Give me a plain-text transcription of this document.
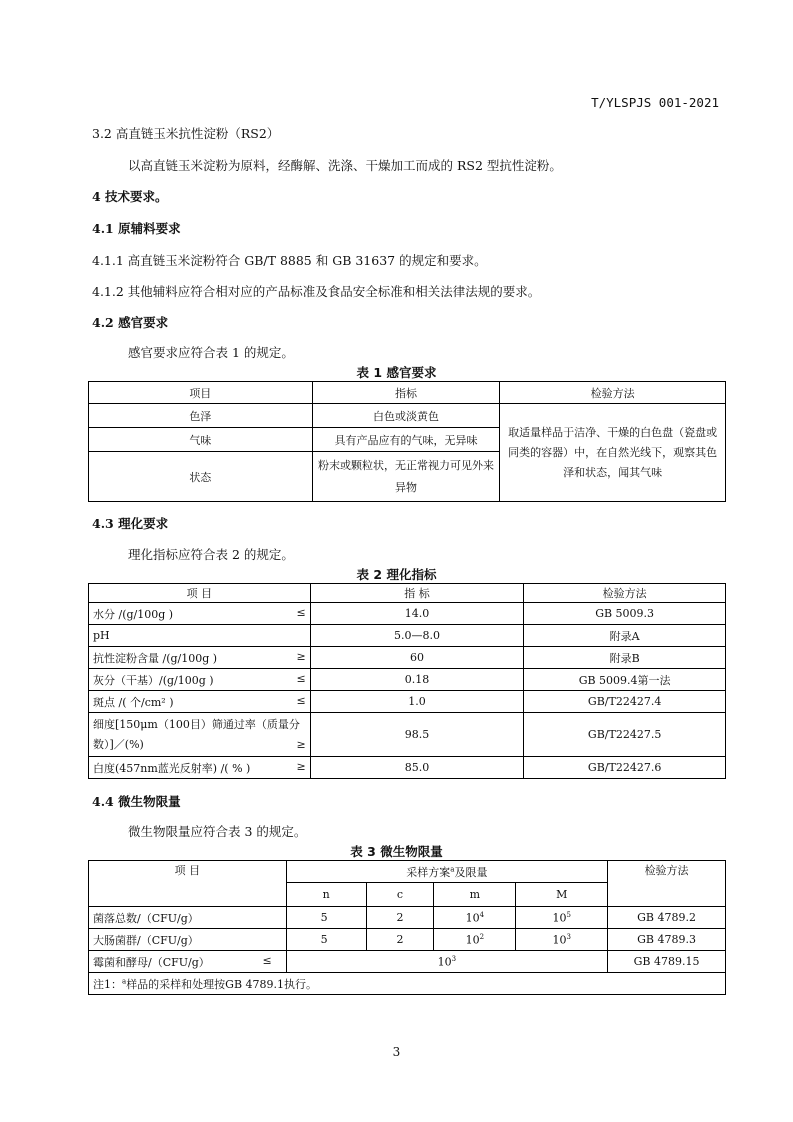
T/YLSPJS 001-2021
3.2 高直链玉米抗性淀粉（RS2）
以高直链玉米淀粉为原料，经酶解、洗涤、干燥加工而成的 RS2 型抗性淀粉。
4 技术要求。
4.1 原辅料要求
4.1.1 高直链玉米淀粉符合 GB/T 8885 和 GB 31637 的规定和要求。
4.1.2 其他辅料应符合相对应的产品标准及食品安全标准和相关法律法规的要求。
4.2 感官要求
感官要求应符合表 1 的规定。
表 1 感官要求
项目	指标	检验方法
色泽	白色或淡黄色	取适量样品于洁净、干燥的白色盘（瓷盘或同类的容器）中，在自然光线下，观察其色泽和状态，闻其气味
气味	具有产品应有的气味，无异味	
状态	粉末或颗粒状，无正常视力可见外来异物	
4.3 理化要求
理化指标应符合表 2 的规定。
表 2 理化指标
项 目	指 标	检验方法
水分 /(g/100g ) ≤	14.0	GB 5009.3
pH	5.0—8.0	附录A
抗性淀粉含量 /(g/100g ) ≥	60	附录B
灰分（干基）/(g/100g ) ≤	0.18	GB 5009.4第一法
斑点 /( 个/cm² ) ≤	1.0	GB/T22427.4
细度[150μm（100目）筛通过率（质量分数）]／(%) ≥	98.5	GB/T22427.5
白度(457nm蓝光反射率) /( % ) ≥	85.0	GB/T22427.6
4.4 微生物限量
微生物限量应符合表 3 的规定。
表 3 微生物限量
项 目	采样方案$^a$及限量				检验方法
	n	c	m	M	
菌落总数/（CFU/g）	5	2	$10^4$	$10^5$	GB 4789.2
大肠菌群/（CFU/g）	5	2	$10^2$	$10^3$	GB 4789.3
霉菌和酵母/（CFU/g） ≤	$10^3$				GB 4789.15
注1：$^a$样品的采样和处理按GB 4789.1执行。					
3
